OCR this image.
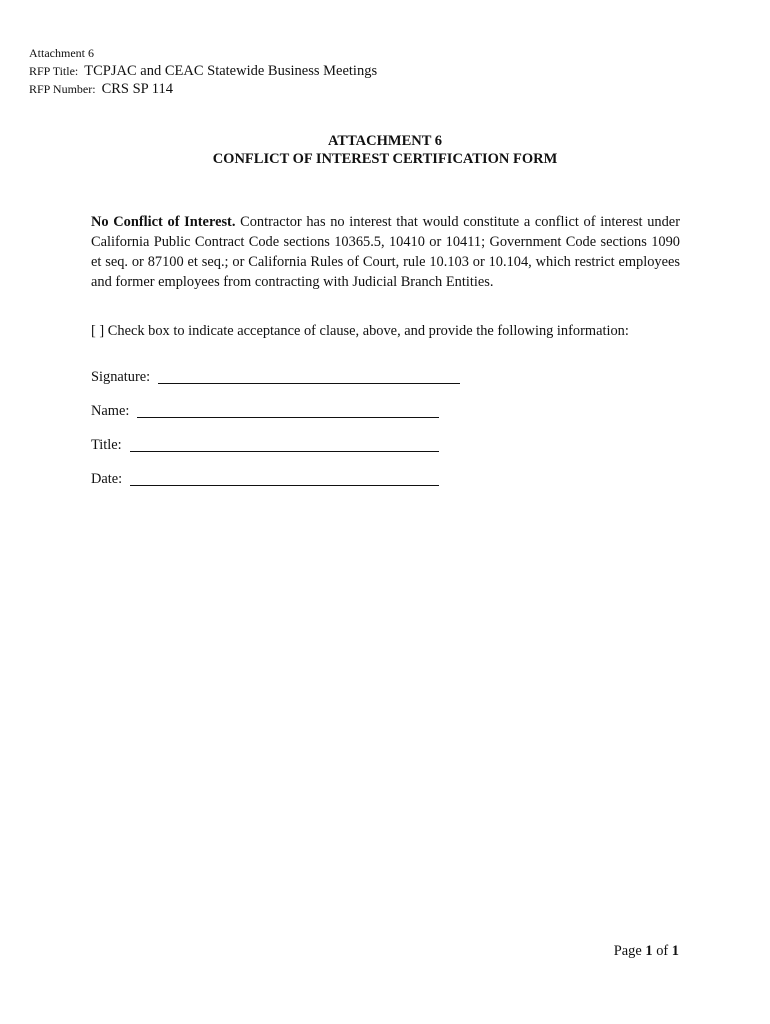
Attachment 6
RFP Title: TCPJAC and CEAC Statewide Business Meetings
RFP Number: CRS SP 114
ATTACHMENT 6
CONFLICT OF INTEREST CERTIFICATION FORM
No Conflict of Interest. Contractor has no interest that would constitute a conflict of interest under California Public Contract Code sections 10365.5, 10410 or 10411; Government Code sections 1090 et seq. or 87100 et seq.; or California Rules of Court, rule 10.103 or 10.104, which restrict employees and former employees from contracting with Judicial Branch Entities.
[ ] Check box to indicate acceptance of clause, above, and provide the following information:
Signature:
Name:
Title:
Date:
Page 1 of 1
